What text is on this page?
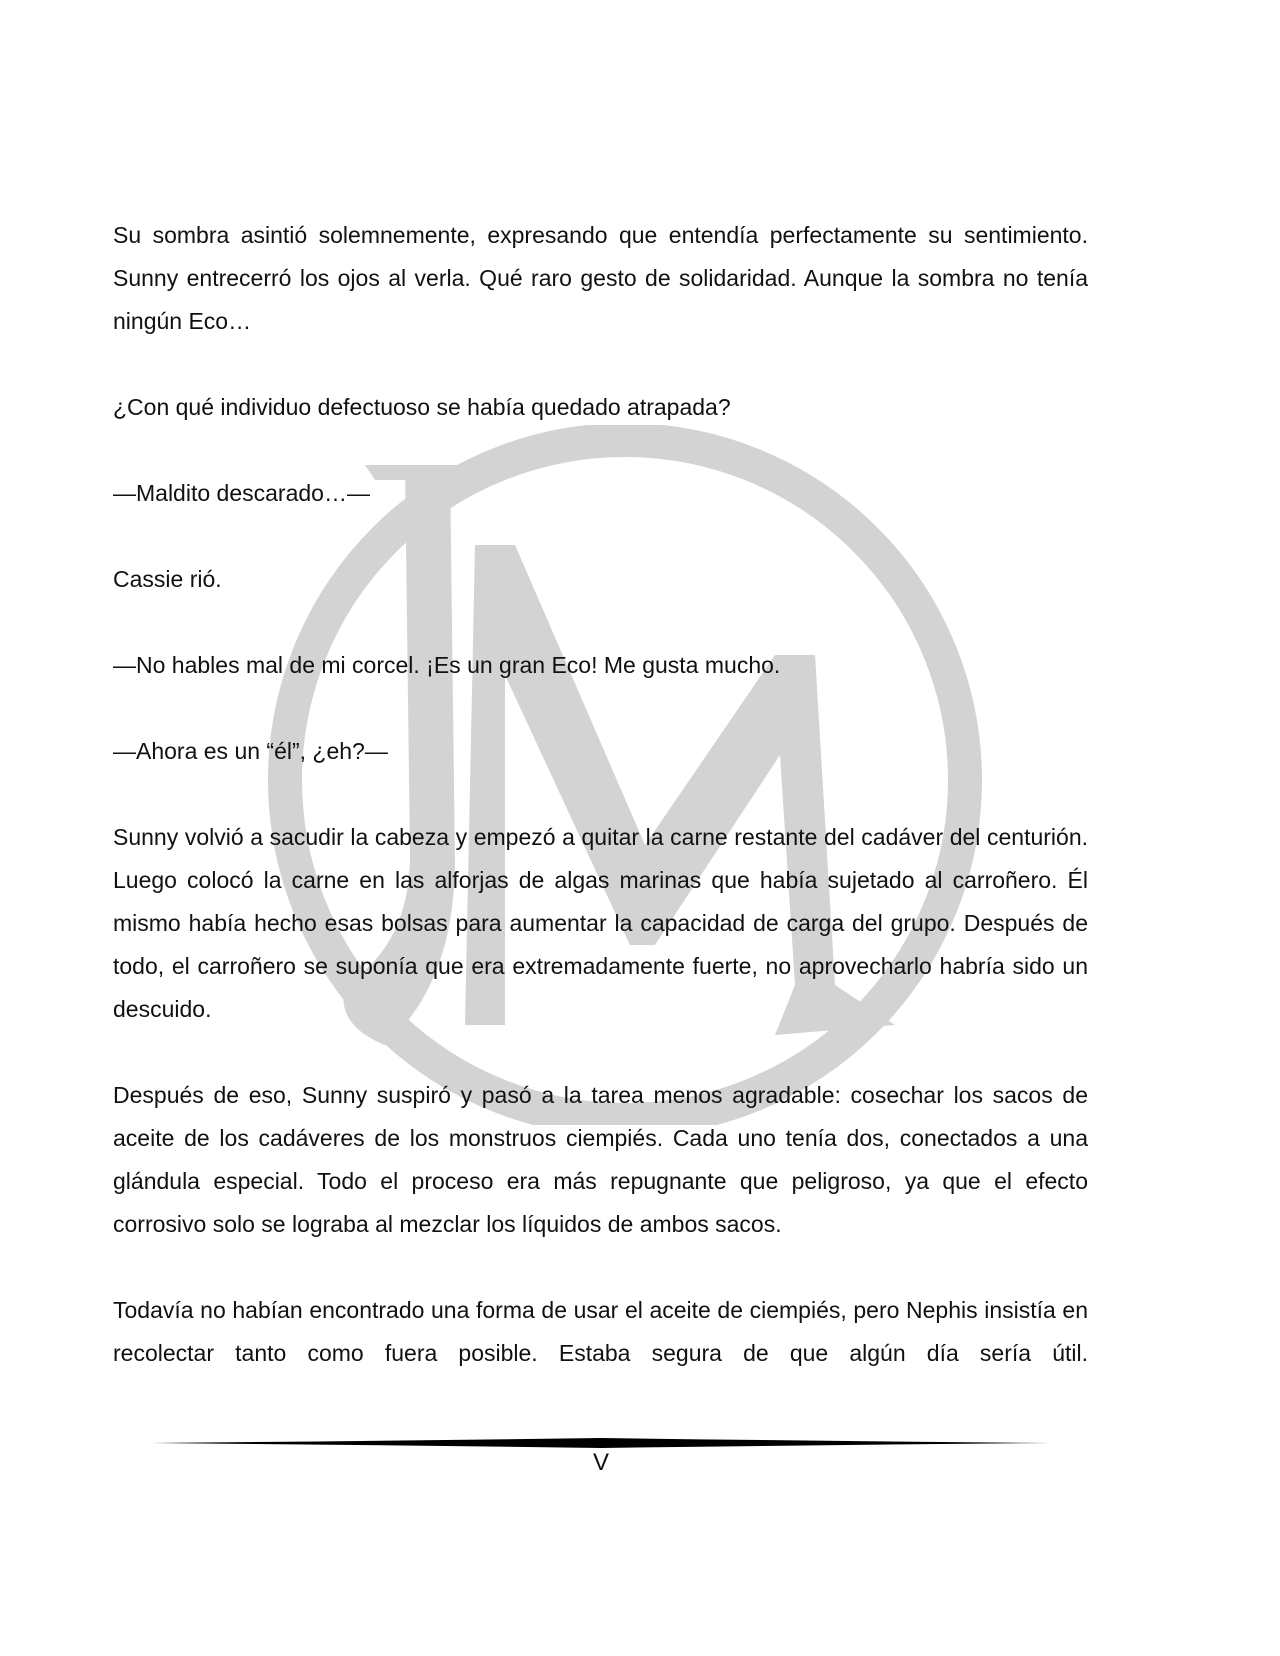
Su sombra asintió solemnemente, expresando que entendía perfectamente su sentimiento. Sunny entrecerró los ojos al verla. Qué raro gesto de solidaridad. Aunque la sombra no tenía ningún Eco…

¿Con qué individuo defectuoso se había quedado atrapada?

—Maldito descarado…—

Cassie rió.

—No hables mal de mi corcel. ¡Es un gran Eco! Me gusta mucho.

—Ahora es un “él”, ¿eh?—

Sunny volvió a sacudir la cabeza y empezó a quitar la carne restante del cadáver del centurión. Luego colocó la carne en las alforjas de algas marinas que había sujetado al carroñero. Él mismo había hecho esas bolsas para aumentar la capacidad de carga del grupo. Después de todo, el carroñero se suponía que era extremadamente fuerte, no aprovecharlo habría sido un descuido.

Después de eso, Sunny suspiró y pasó a la tarea menos agradable: cosechar los sacos de aceite de los cadáveres de los monstruos ciempiés. Cada uno tenía dos, conectados a una glándula especial. Todo el proceso era más repugnante que peligroso, ya que el efecto corrosivo solo se lograba al mezclar los líquidos de ambos sacos.

Todavía no habían encontrado una forma de usar el aceite de ciempiés, pero Nephis insistía en recolectar tanto como fuera posible. Estaba segura de que algún día sería útil.

V
